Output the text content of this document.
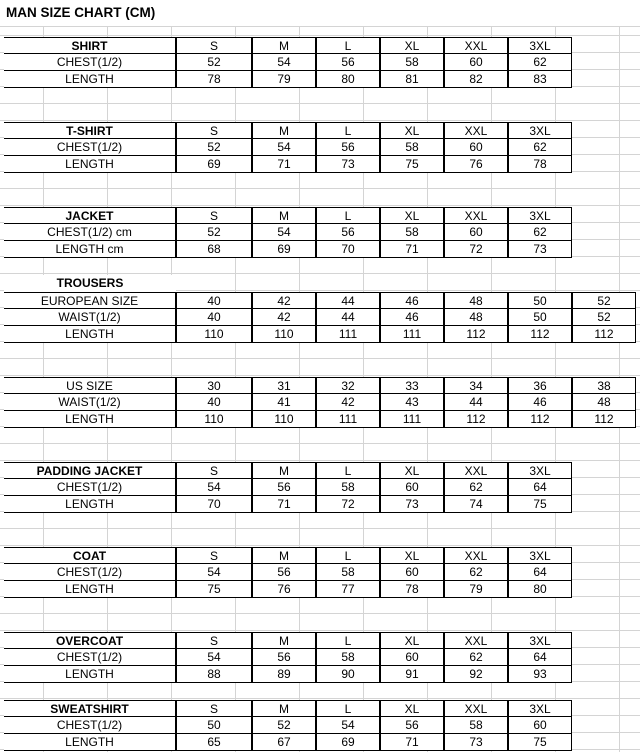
MAN SIZE CHART (CM)
SHIRT	S	M	L	XL	XXL	3XL
CHEST(1/2)	52	54	56	58	60	62
LENGTH	78	79	80	81	82	83
T-SHIRT	S	M	L	XL	XXL	3XL
CHEST(1/2)	52	54	56	58	60	62
LENGTH	69	71	73	75	76	78
JACKET	S	M	L	XL	XXL	3XL
CHEST(1/2) cm	52	54	56	58	60	62
LENGTH cm	68	69	70	71	72	73
TROUSERS
EUROPEAN SIZE	40	42	44	46	48	50	52
WAIST(1/2)	40	42	44	46	48	50	52
LENGTH	110	110	111	111	112	112	112
US SIZE	30	31	32	33	34	36	38
WAIST(1/2)	40	41	42	43	44	46	48
LENGTH	110	110	111	111	112	112	112
PADDING JACKET	S	M	L	XL	XXL	3XL
CHEST(1/2)	54	56	58	60	62	64
LENGTH	70	71	72	73	74	75
COAT	S	M	L	XL	XXL	3XL
CHEST(1/2)	54	56	58	60	62	64
LENGTH	75	76	77	78	79	80
OVERCOAT	S	M	L	XL	XXL	3XL
CHEST(1/2)	54	56	58	60	62	64
LENGTH	88	89	90	91	92	93
SWEATSHIRT	S	M	L	XL	XXL	3XL
CHEST(1/2)	50	52	54	56	58	60
LENGTH	65	67	69	71	73	75
